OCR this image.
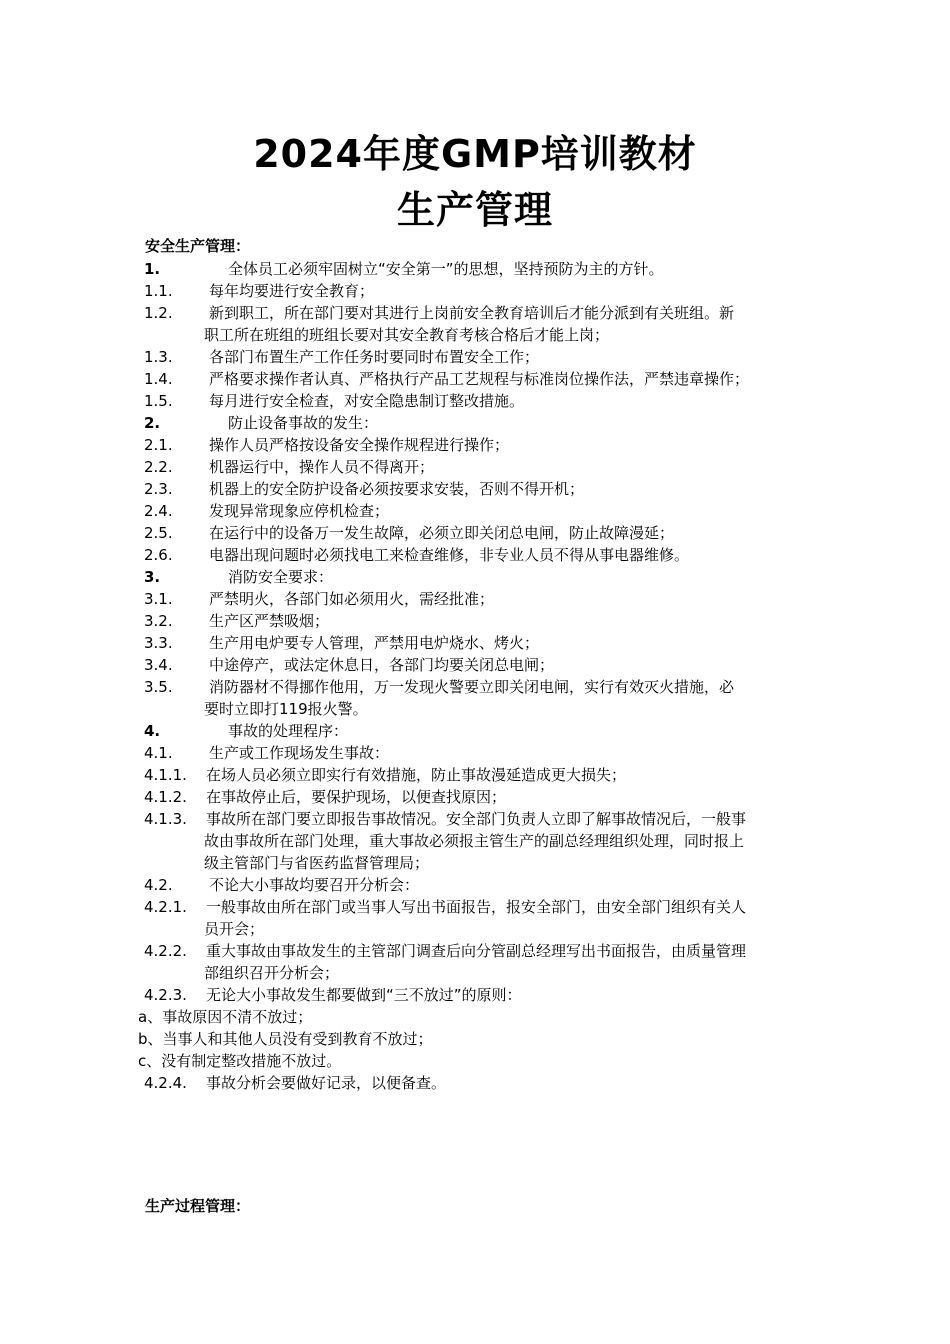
2024年度GMP培训教材
生产管理
安全生产管理：
1.	全体员工必须牢固树立“安全第一”的思想，坚持预防为主的方针。
1.1.	每年均要进行安全教育；
1.2.	新到职工，所在部门要对其进行上岗前安全教育培训后才能分派到有关班组。新
职工所在班组的班组长要对其安全教育考核合格后才能上岗；
1.3.	各部门布置生产工作任务时要同时布置安全工作；
1.4.	严格要求操作者认真、严格执行产品工艺规程与标准岗位操作法，严禁违章操作；
1.5.	每月进行安全检查，对安全隐患制订整改措施。
2.	防止设备事故的发生：
2.1.	操作人员严格按设备安全操作规程进行操作；
2.2.	机器运行中，操作人员不得离开；
2.3.	机器上的安全防护设备必须按要求安装，否则不得开机；
2.4.	发现异常现象应停机检查；
2.5.	在运行中的设备万一发生故障，必须立即关闭总电闸，防止故障漫延；
2.6.	电器出现问题时必须找电工来检查维修，非专业人员不得从事电器维修。
3.	消防安全要求：
3.1.	严禁明火，各部门如必须用火，需经批准；
3.2.	生产区严禁吸烟；
3.3.	生产用电炉要专人管理，严禁用电炉烧水、烤火；
3.4.	中途停产，或法定休息日，各部门均要关闭总电闸；
3.5.	消防器材不得挪作他用，万一发现火警要立即关闭电闸，实行有效灭火措施，必
要时立即打119报火警。
4.	事故的处理程序：
4.1.	生产或工作现场发生事故：
4.1.1.	在场人员必须立即实行有效措施，防止事故漫延造成更大损失；
4.1.2.	在事故停止后，要保护现场，以便查找原因；
4.1.3.	事故所在部门要立即报告事故情况。安全部门负责人立即了解事故情况后，一般事
故由事故所在部门处理，重大事故必须报主管生产的副总经理组织处理，同时报上
级主管部门与省医药监督管理局；
4.2.	不论大小事故均要召开分析会：
4.2.1.	一般事故由所在部门或当事人写出书面报告，报安全部门，由安全部门组织有关人
员开会；
4.2.2.	重大事故由事故发生的主管部门调查后向分管副总经理写出书面报告，由质量管理
部组织召开分析会；
4.2.3.	无论大小事故发生都要做到“三不放过”的原则：
a、事故原因不清不放过；
b、当事人和其他人员没有受到教育不放过；
c、没有制定整改措施不放过。
4.2.4.	事故分析会要做好记录，以便备查。
生产过程管理：
